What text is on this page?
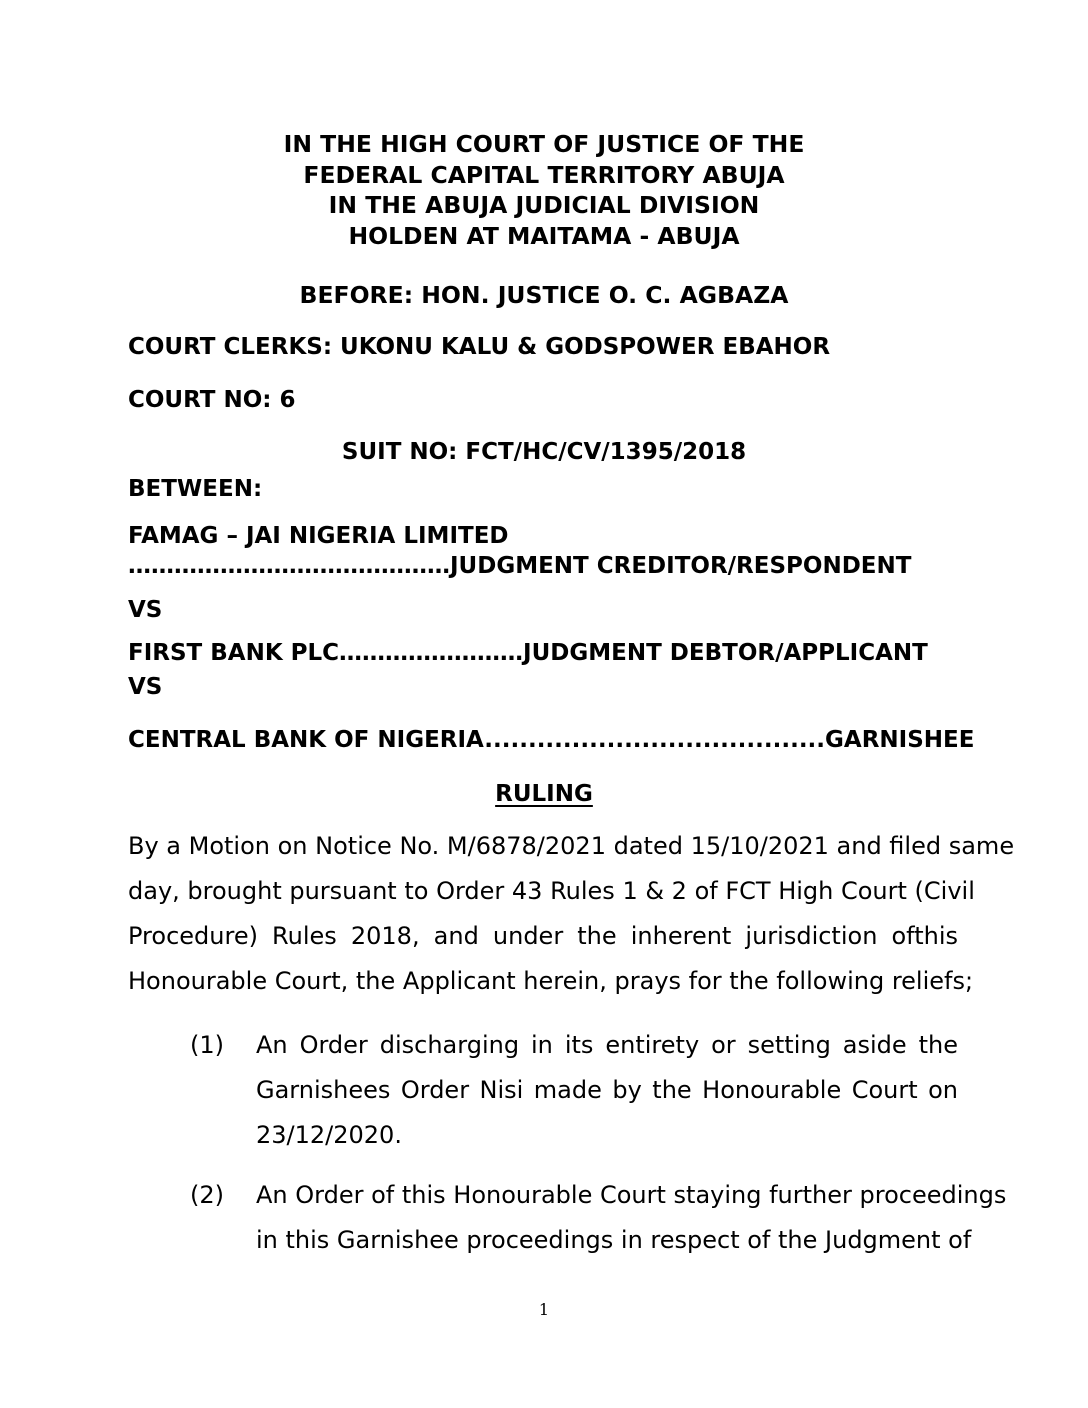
IN THE HIGH COURT OF JUSTICE OF THE
FEDERAL CAPITAL TERRITORY ABUJA
IN THE ABUJA JUDICIAL DIVISION
HOLDEN AT MAITAMA - ABUJA
BEFORE: HON. JUSTICE O. C. AGBAZA
COURT CLERKS: UKONU KALU & GODSPOWER EBAHOR
COURT NO: 6
SUIT NO: FCT/HC/CV/1395/2018
BETWEEN:
FAMAG – JAI NIGERIA LIMITED
……………………………………JUDGMENT CREDITOR/RESPONDENT
VS
FIRST BANK PLC……………………JUDGMENT DEBTOR/APPLICANT
VS
CENTRAL BANK OF NIGERIA.......................................GARNISHEE
RULING
By a Motion on Notice No. M/6878/2021 dated 15/10/2021 and filed same
day, brought pursuant to Order 43 Rules 1 & 2 of FCT High Court (Civil
Procedure) Rules 2018, and under the inherent jurisdiction ofthis
Honourable Court, the Applicant herein, prays for the following reliefs;
(1) An Order discharging in its entirety or setting aside the
Garnishees Order Nisi made by the Honourable Court on
23/12/2020.
(2) An Order of this Honourable Court staying further proceedings
in this Garnishee proceedings in respect of the Judgment of
1
